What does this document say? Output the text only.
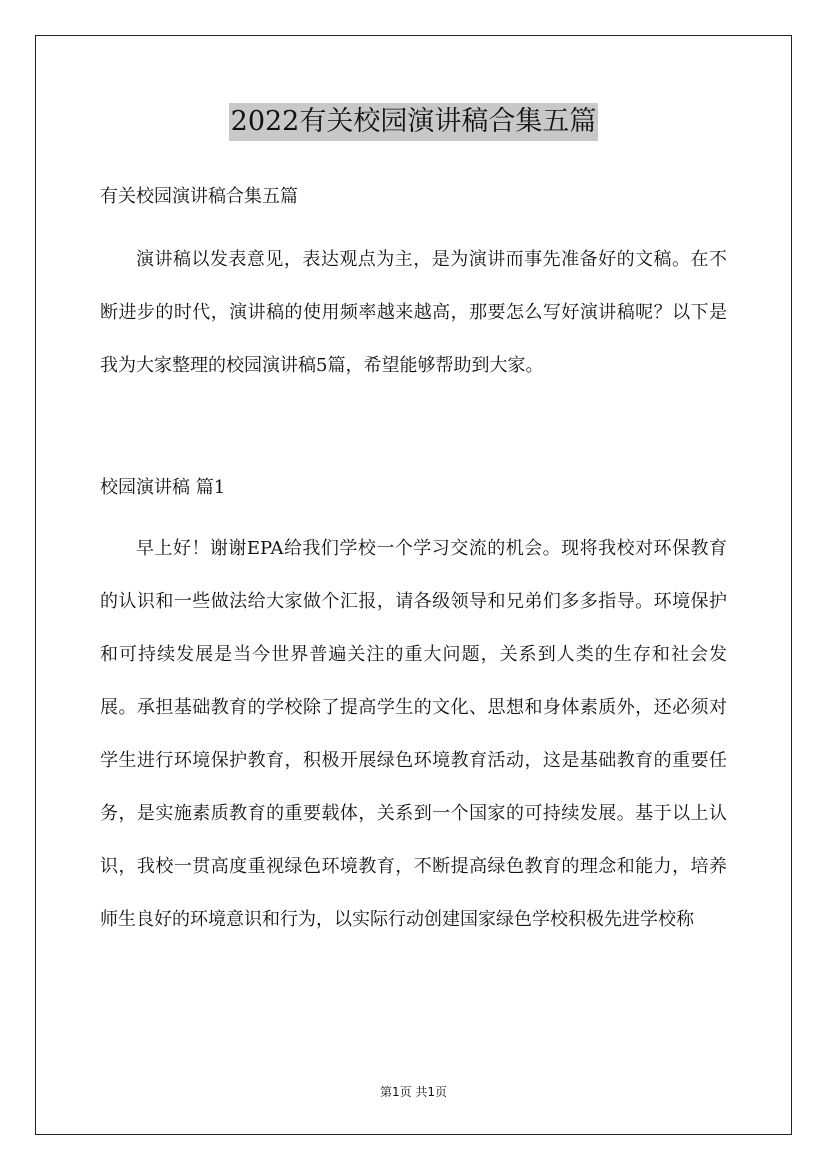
2022有关校园演讲稿合集五篇

有关校园演讲稿合集五篇

演讲稿以发表意见，表达观点为主，是为演讲而事先准备好的文稿。在不断进步的时代，演讲稿的使用频率越来越高，那要怎么写好演讲稿呢？以下是我为大家整理的校园演讲稿5篇，希望能够帮助到大家。

校园演讲稿 篇1

早上好！谢谢EPA给我们学校一个学习交流的机会。现将我校对环保教育的认识和一些做法给大家做个汇报，请各级领导和兄弟们多多指导。环境保护和可持续发展是当今世界普遍关注的重大问题，关系到人类的生存和社会发展。承担基础教育的学校除了提高学生的文化、思想和身体素质外，还必须对学生进行环境保护教育，积极开展绿色环境教育活动，这是基础教育的重要任务，是实施素质教育的重要载体，关系到一个国家的可持续发展。基于以上认识，我校一贯高度重视绿色环境教育，不断提高绿色教育的理念和能力，培养师生良好的环境意识和行为，以实际行动创建国家绿色学校积极先进学校称

第1页 共1页
